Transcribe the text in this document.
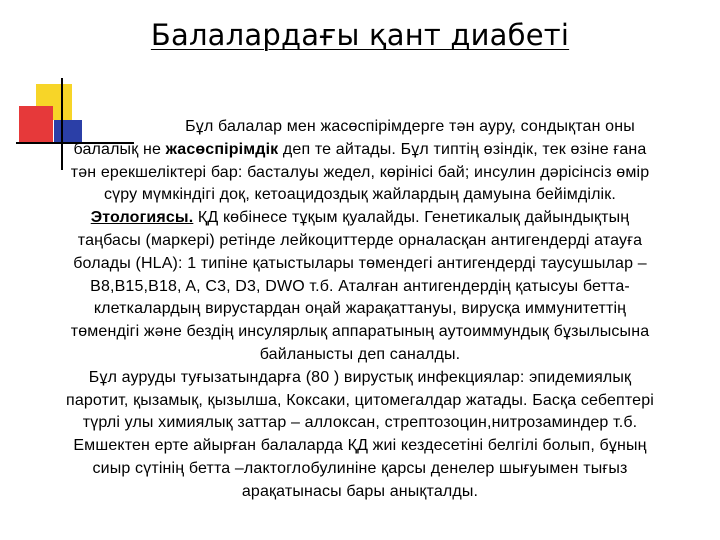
Балалардағы қант диабеті
Бұл балалар мен жасөспірімдерге тән ауру, сондықтан оны
балалық не жасөспірімдік деп те айтады. Бұл типтің өзіндік, тек өзіне ғана
тән ерекшеліктері бар: басталуы жедел, көрінісі бай; инсулин дәрісінсіз өмір
сүру мүмкіндігі доқ, кетоацидоздық жайлардың дамуына бейімділік.
Этологиясы. ҚД көбінесе тұқым қуалайды. Генетикалық дайындықтың
таңбасы (маркері) ретінде лейкоциттерде орналасқан антигендерді атауға
болады (HLA): 1 типіне қатыстылары төмендегі антигендерді таусушылар –
B8,B15,B18, A, C3, D3, DWO т.б. Аталған антигендердің қатысуы бетта-
клеткалардың вирустардан оңай жарақаттануы, вирусқа иммунитеттің
төмендігі және бездің инсулярлық аппаратының аутоиммундық бұзылысына
байланысты деп саналды.
Бұл ауруды туғызатындарға (80 ) вирустық инфекциялар: эпидемиялық
паротит, қызамық, қызылша, Коксаки, цитомегалдар жатады. Басқа себептері
түрлі улы химиялық заттар – аллоксан, стрептозоцин,нитрозаминдер т.б.
Емшектен ерте айырған балаларда ҚД жиі кездесетіні белгілі болып, бұның
сиыр сүтінің бетта –лактоглобулиніне қарсы денелер шығуымен тығыз
арақатынасы бары анықталды.
